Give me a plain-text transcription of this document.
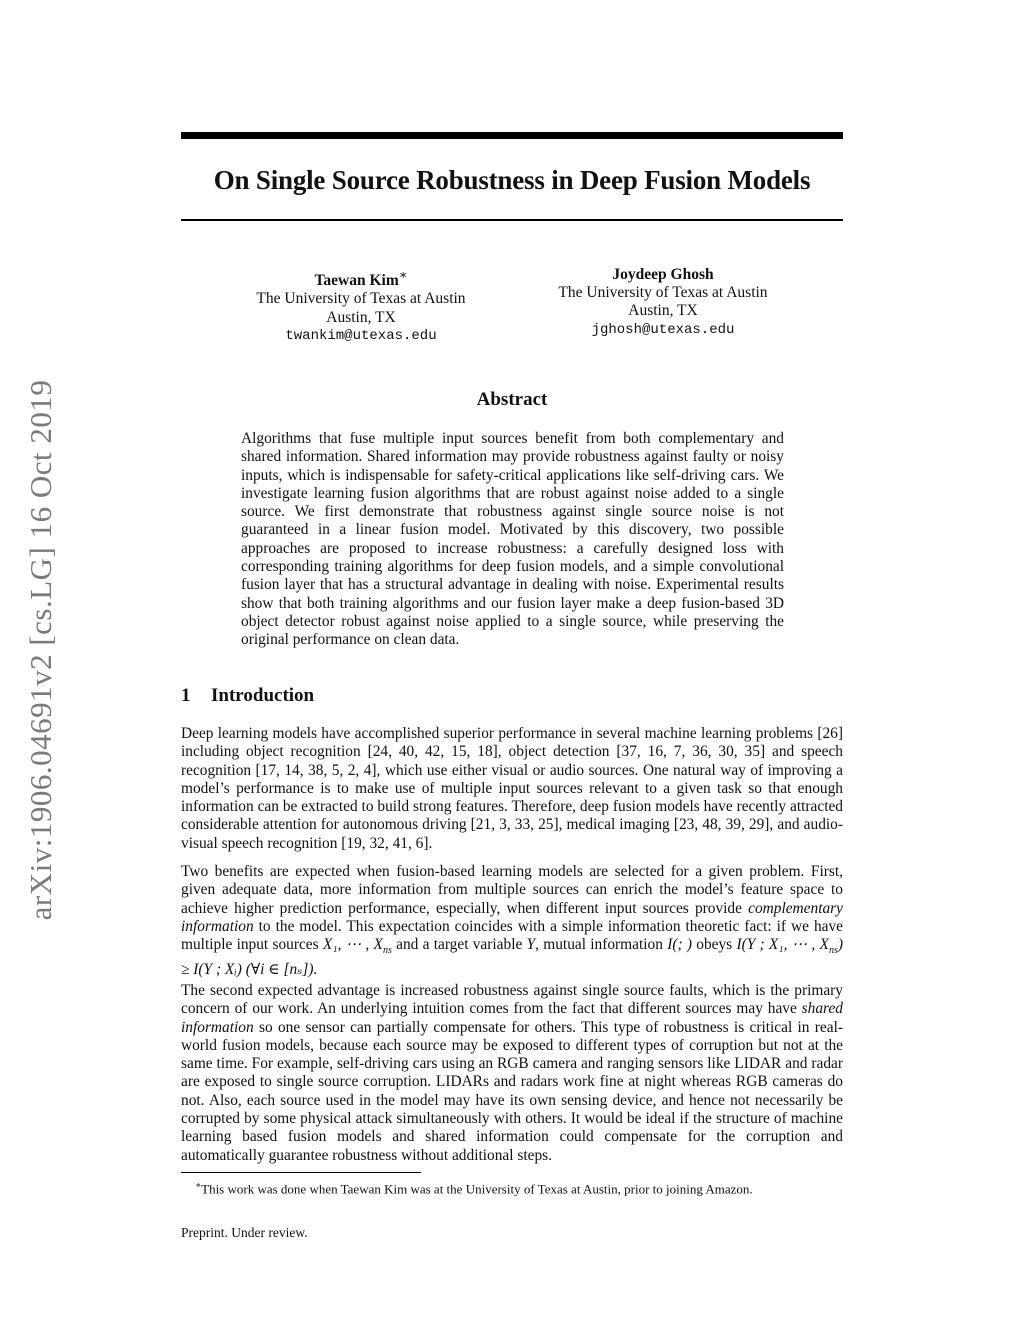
On Single Source Robustness in Deep Fusion Models
Taewan Kim∗
The University of Texas at Austin
Austin, TX
twankim@utexas.edu
Joydeep Ghosh
The University of Texas at Austin
Austin, TX
jghosh@utexas.edu
Abstract

Algorithms that fuse multiple input sources benefit from both complementary and shared information. Shared information may provide robustness against faulty or noisy inputs, which is indispensable for safety-critical applications like self-driving cars. We investigate learning fusion algorithms that are robust against noise added to a single source. We first demonstrate that robustness against single source noise is not guaranteed in a linear fusion model. Motivated by this discovery, two possible approaches are proposed to increase robustness: a carefully designed loss with corresponding training algorithms for deep fusion models, and a simple convolutional fusion layer that has a structural advantage in dealing with noise. Experimental results show that both training algorithms and our fusion layer make a deep fusion-based 3D object detector robust against noise applied to a single source, while preserving the original performance on clean data.

1 Introduction

Deep learning models have accomplished superior performance in several machine learning problems [26] including object recognition [24, 40, 42, 15, 18], object detection [37, 16, 7, 36, 30, 35] and speech recognition [17, 14, 38, 5, 2, 4], which use either visual or audio sources. One natural way of improving a model’s performance is to make use of multiple input sources relevant to a given task so that enough information can be extracted to build strong features. Therefore, deep fusion models have recently attracted considerable attention for autonomous driving [21, 3, 33, 25], medical imaging [23, 48, 39, 29], and audio-visual speech recognition [19, 32, 41, 6].

Two benefits are expected when fusion-based learning models are selected for a given problem. First, given adequate data, more information from multiple sources can enrich the model’s feature space to achieve higher prediction performance, especially, when different input sources provide complementary information to the model. This expectation coincides with a simple information theoretic fact: if we have multiple input sources X₁, ⋯ , $X_{ns}$ and a target variable Y, mutual information I(; ) obeys I(Y ; X₁, ⋯ , $X_{ns}) \ge I(Y$ ; Xᵢ) (∀i ∈ [nₛ]).

The second expected advantage is increased robustness against single source faults, which is the primary concern of our work. An underlying intuition comes from the fact that different sources may have shared information so one sensor can partially compensate for others. This type of robustness is critical in real-world fusion models, because each source may be exposed to different types of corruption but not at the same time. For example, self-driving cars using an RGB camera and ranging sensors like LIDAR and radar are exposed to single source corruption. LIDARs and radars work fine at night whereas RGB cameras do not. Also, each source used in the model may have its own sensing device, and hence not necessarily be corrupted by some physical attack simultaneously with others. It would be ideal if the structure of machine learning based fusion models and shared information could compensate for the corruption and automatically guarantee robustness without additional steps.

∗This work was done when Taewan Kim was at the University of Texas at Austin, prior to joining Amazon.
Preprint. Under review.
arXiv:1906.04691v2 [cs.LG] 16 Oct 2019
